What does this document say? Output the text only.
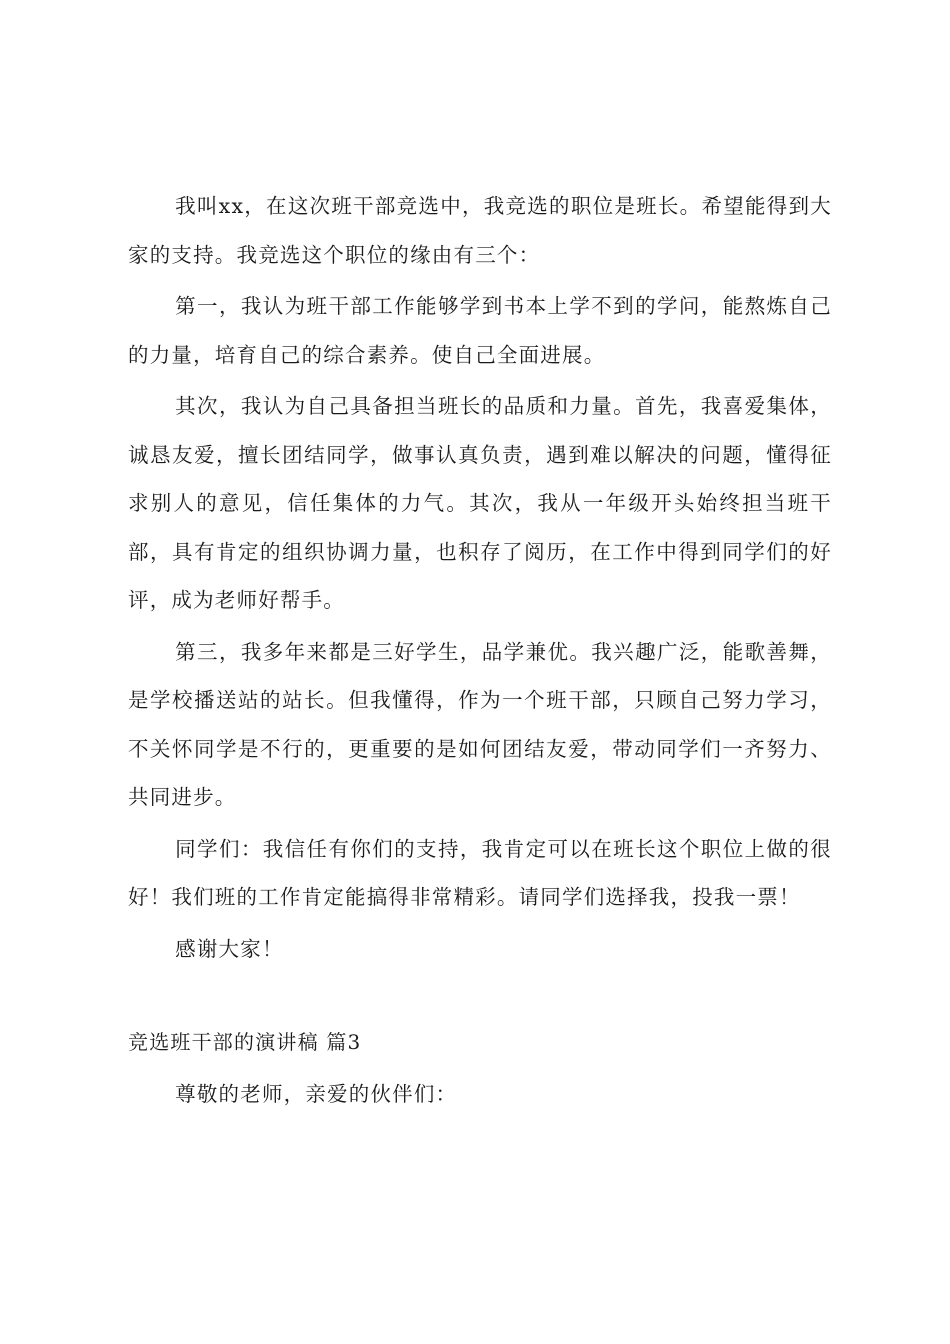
我叫xx，在这次班干部竞选中，我竞选的职位是班长。希望能得到大家的支持。我竞选这个职位的缘由有三个：

第一，我认为班干部工作能够学到书本上学不到的学问，能熬炼自己的力量，培育自己的综合素养。使自己全面进展。

其次，我认为自己具备担当班长的品质和力量。首先，我喜爱集体，诚恳友爱，擅长团结同学，做事认真负责，遇到难以解决的问题，懂得征求别人的意见，信任集体的力气。其次，我从一年级开头始终担当班干部，具有肯定的组织协调力量，也积存了阅历，在工作中得到同学们的好评，成为老师好帮手。

第三，我多年来都是三好学生，品学兼优。我兴趣广泛，能歌善舞，是学校播送站的站长。但我懂得，作为一个班干部，只顾自己努力学习，不关怀同学是不行的，更重要的是如何团结友爱，带动同学们一齐努力、共同进步。

同学们：我信任有你们的支持，我肯定可以在班长这个职位上做的很好！我们班的工作肯定能搞得非常精彩。请同学们选择我，投我一票！

感谢大家！

竞选班干部的演讲稿 篇3

尊敬的老师，亲爱的伙伴们：
